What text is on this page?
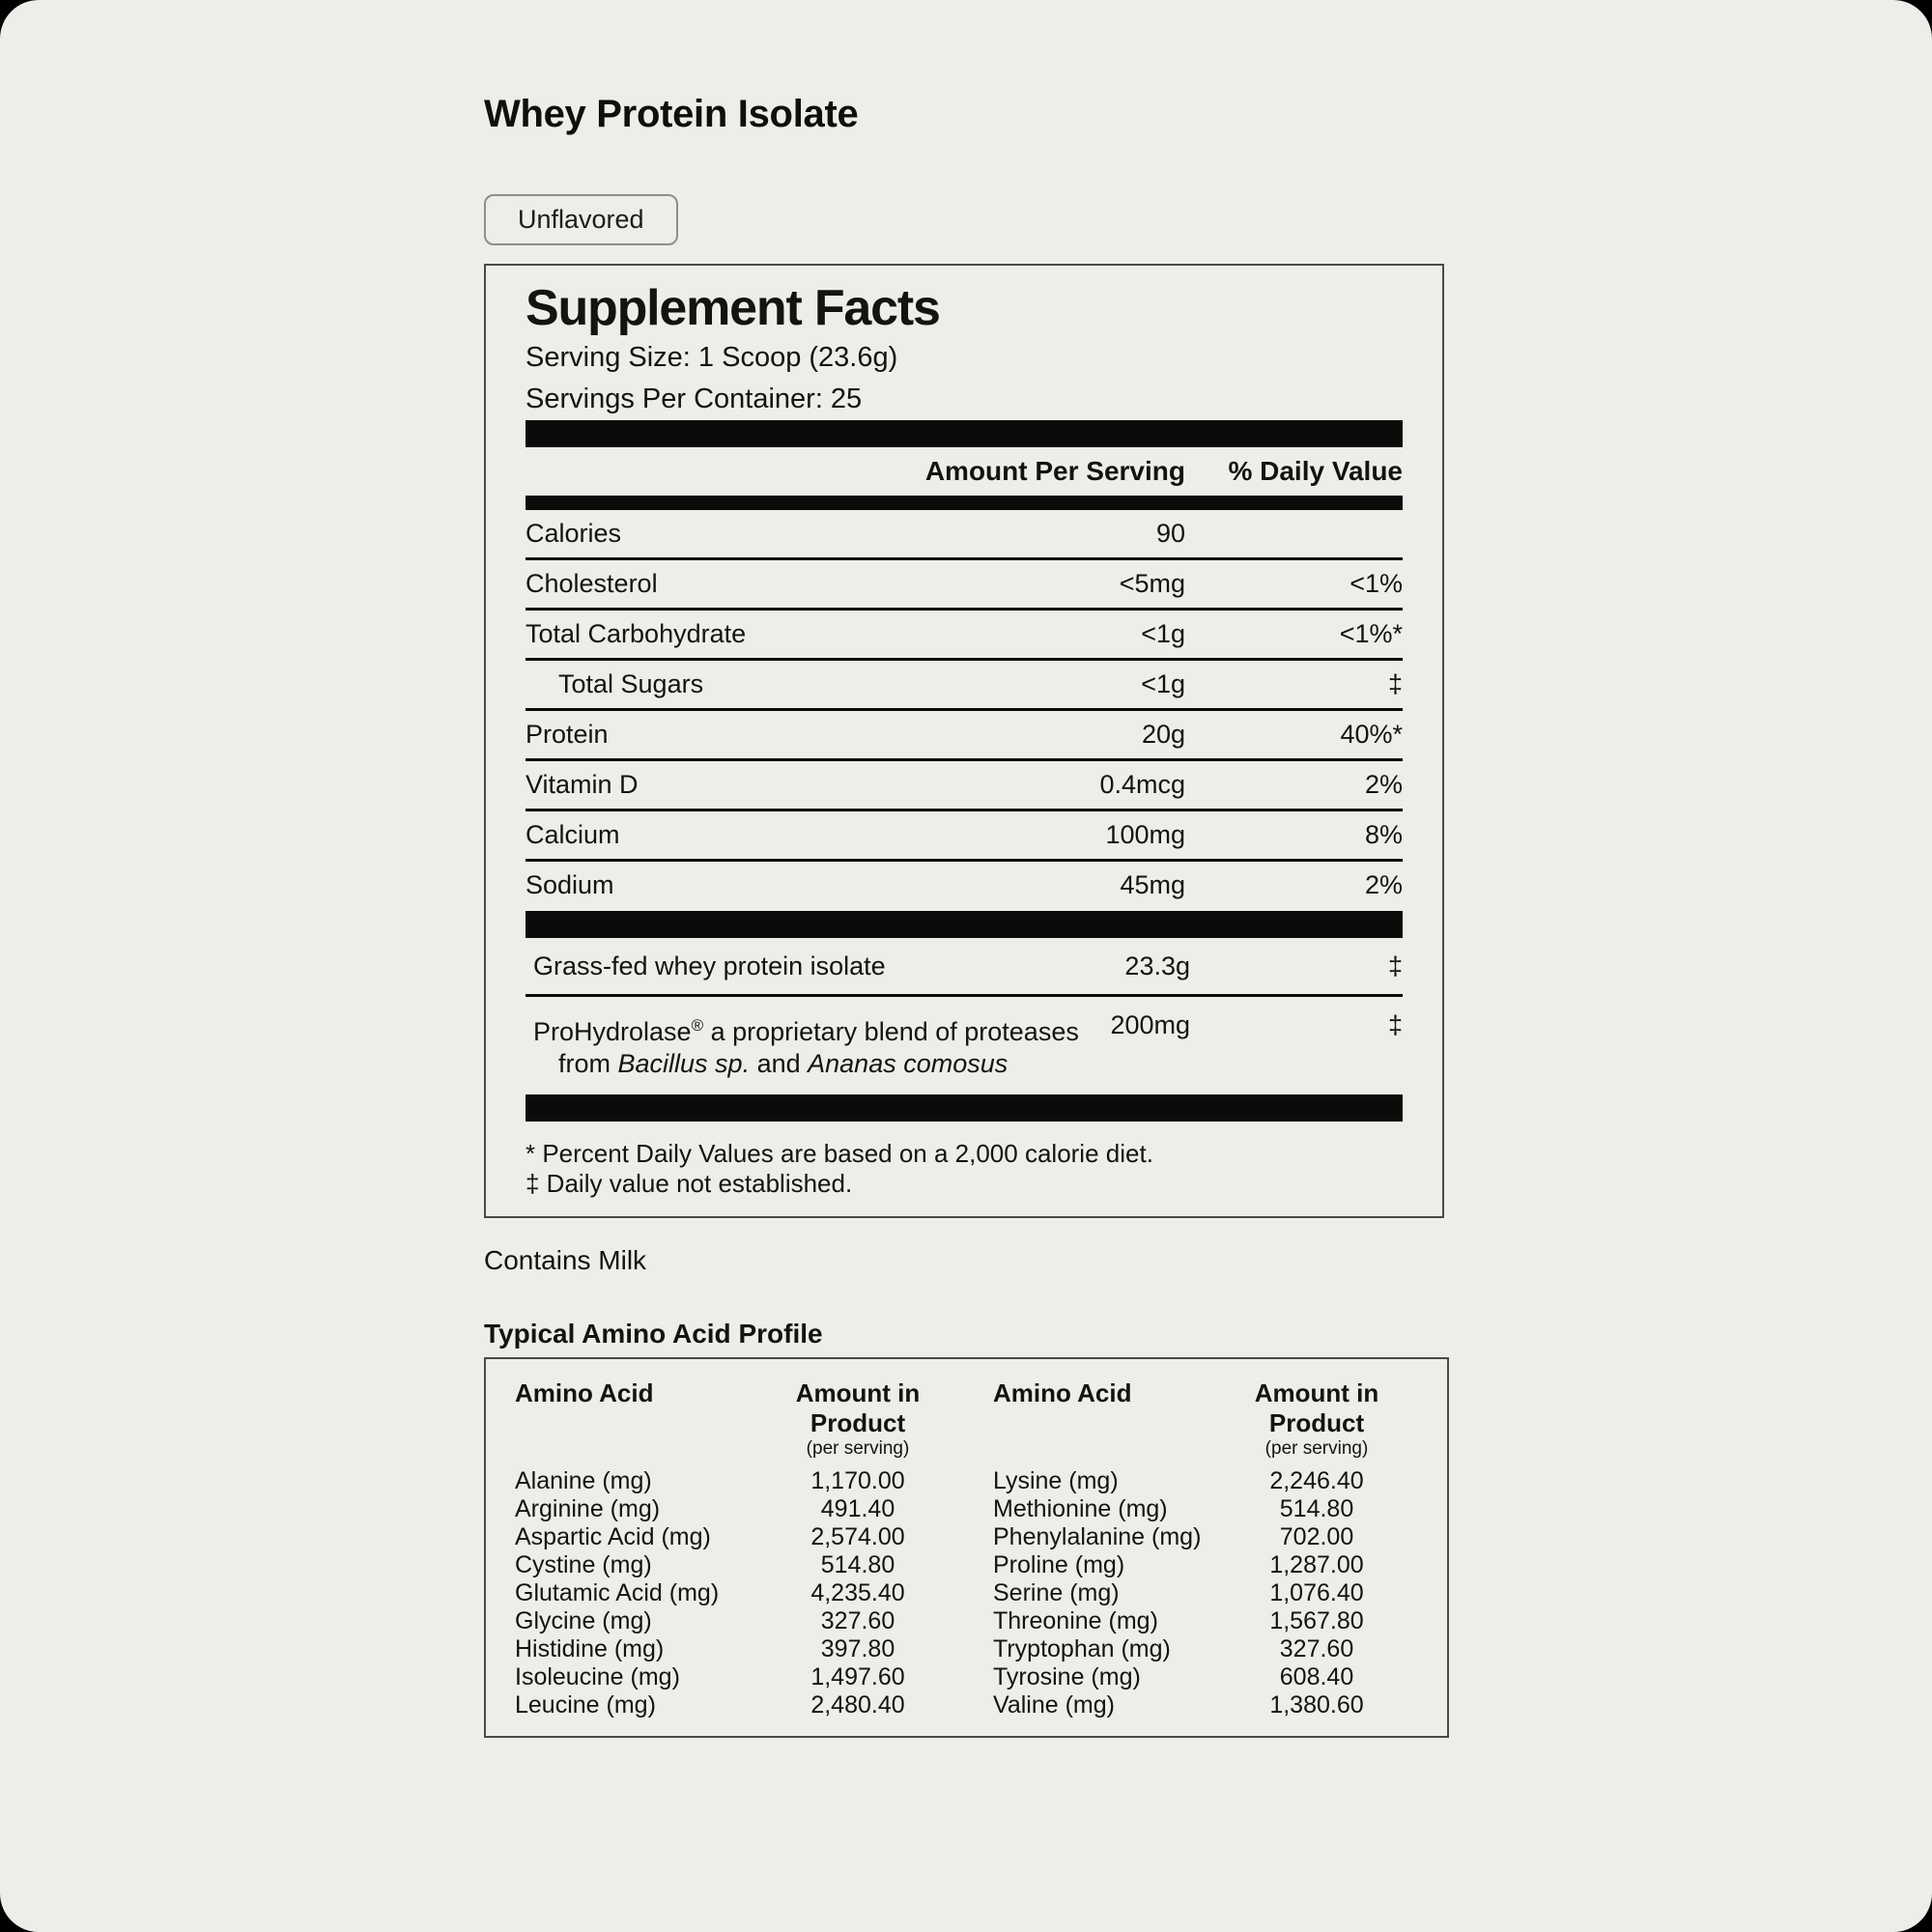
Whey Protein Isolate
Unflavored
Supplement Facts
Serving Size: 1 Scoop (23.6g)
Servings Per Container: 25
Amount Per Serving	% Daily Value
Calories	90
Cholesterol	<5mg	<1%
Total Carbohydrate	<1g	<1%*
Total Sugars	<1g	‡
Protein	20g	40%*
Vitamin D	0.4mcg	2%
Calcium	100mg	8%
Sodium	45mg	2%
Grass-fed whey protein isolate	23.3g	‡
ProHydrolase® a proprietary blend of proteases
from Bacillus sp. and Ananas comosus
200mg	‡
* Percent Daily Values are based on a 2,000 calorie diet.
‡ Daily value not established.
Contains Milk
Typical Amino Acid Profile
Amino Acid	Amount in Product
(per serving)
Amino Acid	Amount in Product
(per serving)
Alanine (mg)	1,170.00	Lysine (mg)	2,246.40
Arginine (mg)	491.40	Methionine (mg)	514.80
Aspartic Acid (mg)	2,574.00	Phenylalanine (mg)	702.00
Cystine (mg)	514.80	Proline (mg)	1,287.00
Glutamic Acid (mg)	4,235.40	Serine (mg)	1,076.40
Glycine (mg)	327.60	Threonine (mg)	1,567.80
Histidine (mg)	397.80	Tryptophan (mg)	327.60
Isoleucine (mg)	1,497.60	Tyrosine (mg)	608.40
Leucine (mg)	2,480.40	Valine (mg)	1,380.60
